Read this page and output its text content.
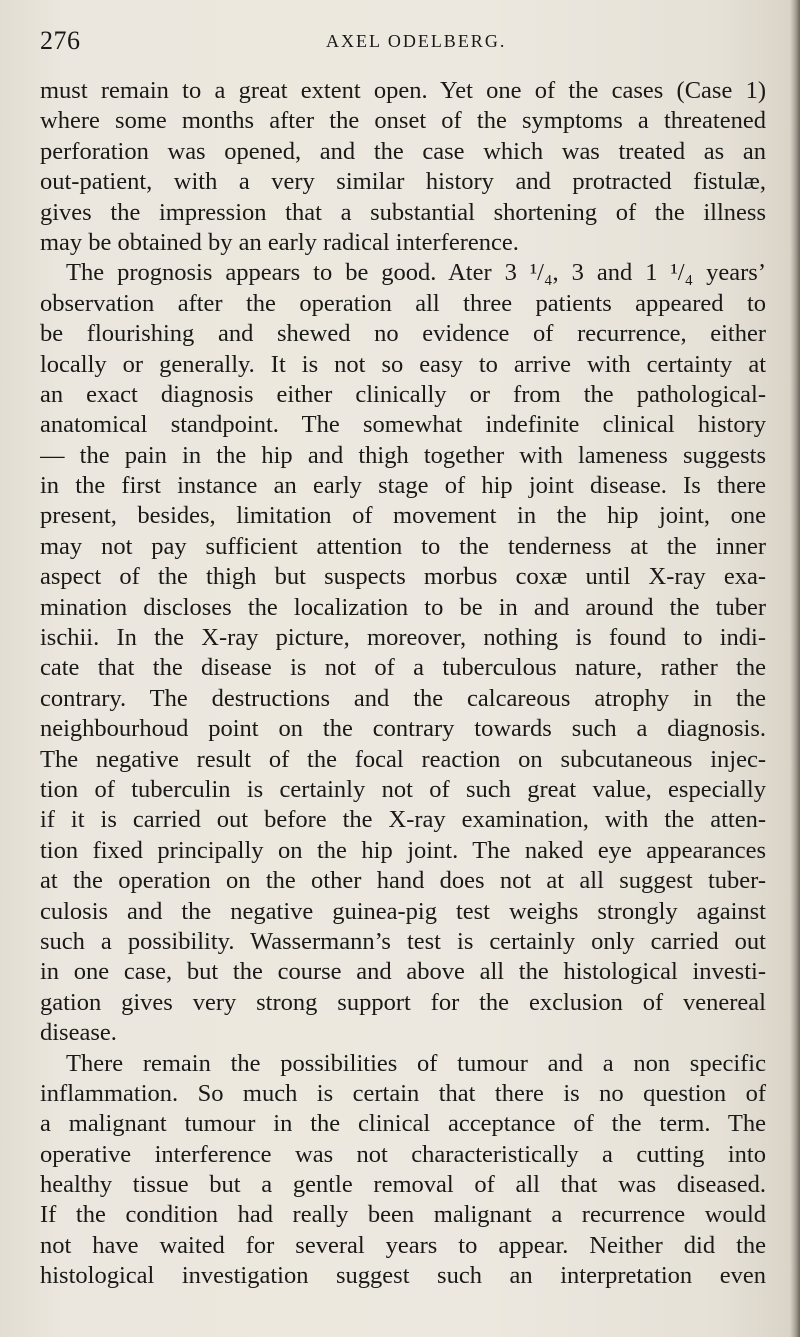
276	AXEL ODELBERG.
must remain to a great extent open. Yet one of the cases (Case 1)
where some months after the onset of the symptoms a threatened
perforation was opened, and the case which was treated as an
out-patient, with a very similar history and protracted fistulæ,
gives the impression that a substantial shortening of the illness
may be obtained by an early radical interference.
The prognosis appears to be good. Ater 3 ¹/₄, 3 and 1 ¹/₄ years’
observation after the operation all three patients appeared to
be flourishing and shewed no evidence of recurrence, either
locally or generally. It is not so easy to arrive with certainty at
an exact diagnosis either clinically or from the pathological-
anatomical standpoint. The somewhat indefinite clinical history
— the pain in the hip and thigh together with lameness suggests
in the first instance an early stage of hip joint disease. Is there
present, besides, limitation of movement in the hip joint, one
may not pay sufficient attention to the tenderness at the inner
aspect of the thigh but suspects morbus coxæ until X-ray exa-
mination discloses the localization to be in and around the tuber
ischii. In the X-ray picture, moreover, nothing is found to indi-
cate that the disease is not of a tuberculous nature, rather the
contrary. The destructions and the calcareous atrophy in the
neighbourhoud point on the contrary towards such a diagnosis.
The negative result of the focal reaction on subcutaneous injec-
tion of tuberculin is certainly not of such great value, especially
if it is carried out before the X-ray examination, with the atten-
tion fixed principally on the hip joint. The naked eye appearances
at the operation on the other hand does not at all suggest tuber-
culosis and the negative guinea-pig test weighs strongly against
such a possibility. Wassermann’s test is certainly only carried out
in one case, but the course and above all the histological investi-
gation gives very strong support for the exclusion of venereal
disease.
There remain the possibilities of tumour and a non specific
inflammation. So much is certain that there is no question of
a malignant tumour in the clinical acceptance of the term. The
operative interference was not characteristically a cutting into
healthy tissue but a gentle removal of all that was diseased.
If the condition had really been malignant a recurrence would
not have waited for several years to appear. Neither did the
histological investigation suggest such an interpretation even
